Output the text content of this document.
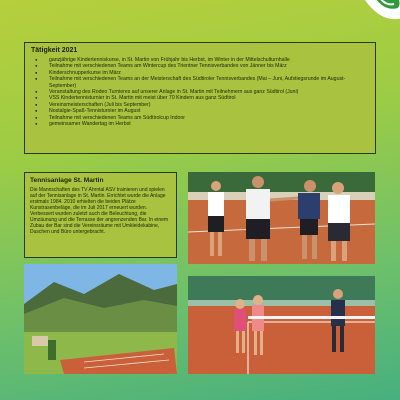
Tätigkeit 2021
● ganzjährige Kindertenniskurse, in St. Martin von Frühjahr bis Herbst, im Winter in der Mittelschulturnhalle
● Teilnahme mit verschiedenen Teams am Wintercup des Trientner Tennisverbandes von Jänner bis März
● Kinderschnupperkurse im März
● Teilnahme mit verschiedenen Teams an der Meisterschaft des Südtiroler Tennisverbandes (Mai – Juni, Aufstiegsrunde im August-September)
● Veranstaltung des Rodeo Turnieres auf unserer Anlage in St. Martin mit Teilnehmern aus ganz Südtirol (Juni)
● VSS Kindertennisturnier in St. Martin mit meist über 70 Kindern aus ganz Südtirol
● Vereinsmeisterschaften (Juli bis September)
● Nostalgie-Spaß-Tennisturnier im August
● Teilnahme mit verschiedenen Teams am Südtirolcup Indoor
● gemeinsamer Wandertag im Herbst
Tennisanlage St. Martin

Die Mannschaften des TV Ahrntal ASV trainieren und spielen auf der Tennisanlage in St. Martin. Errichtet wurde die Anlage erstmals 1984. 2010 erhielten die beiden Plätze Kunstrasenbeläge, die im Juli 2017 erneuert wurden. Verbessert wurden zuletzt auch die Beleuchtung, die Umzäunung und die Terrasse der angrenzenden Bar. In einem Zubau der Bar sind die Vereinsräume mit Umkleidekabine, Duschen und Büro untergebracht.
